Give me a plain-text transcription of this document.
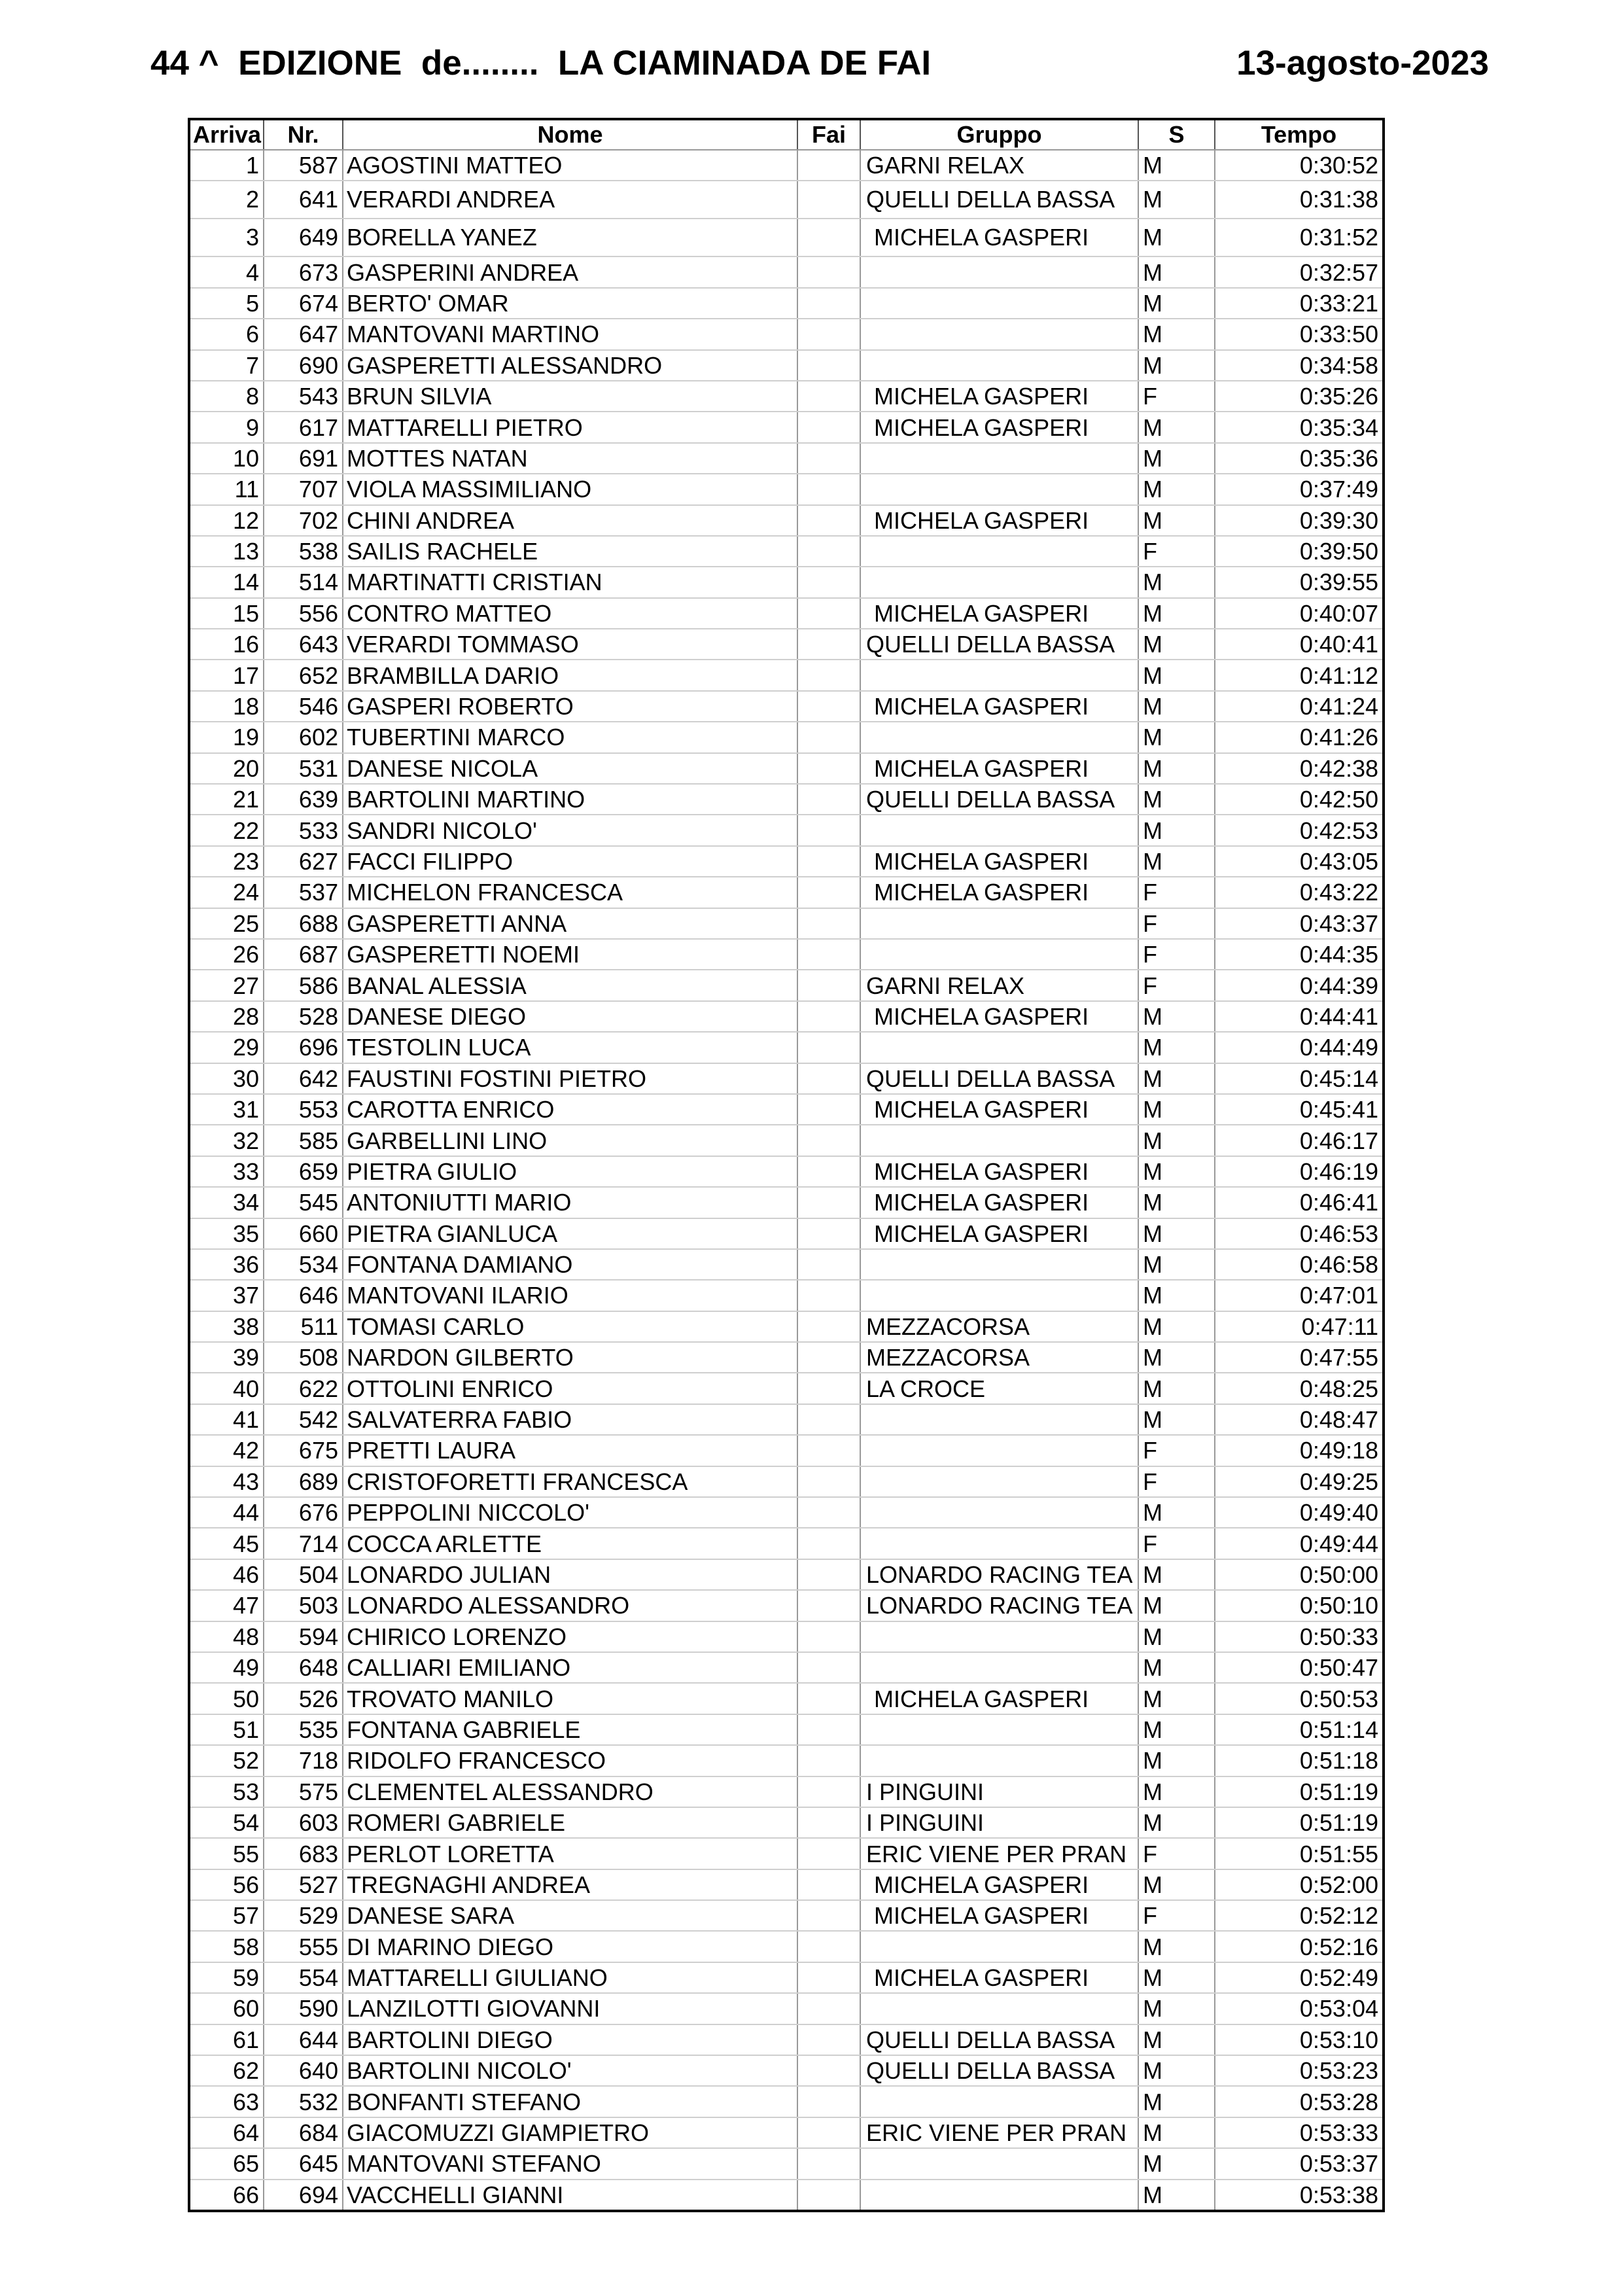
44 ^  EDIZIONE  de........  LA CIAMINADA DE FAI	13-agosto-2023
Arriva	Nr.	Nome	Fai	Gruppo	S	Tempo
1	587	AGOSTINI MATTEO		GARNI RELAX	M	0:30:52
2	641	VERARDI ANDREA		QUELLI DELLA BASSA	M	0:31:38
3	649	BORELLA YANEZ		MICHELA GASPERI	M	0:31:52
4	673	GASPERINI ANDREA			M	0:32:57
5	674	BERTO' OMAR			M	0:33:21
6	647	MANTOVANI MARTINO			M	0:33:50
7	690	GASPERETTI ALESSANDRO			M	0:34:58
8	543	BRUN SILVIA		MICHELA GASPERI	F	0:35:26
9	617	MATTARELLI PIETRO		MICHELA GASPERI	M	0:35:34
10	691	MOTTES NATAN			M	0:35:36
11	707	VIOLA MASSIMILIANO			M	0:37:49
12	702	CHINI ANDREA		MICHELA GASPERI	M	0:39:30
13	538	SAILIS RACHELE			F	0:39:50
14	514	MARTINATTI CRISTIAN			M	0:39:55
15	556	CONTRO MATTEO		MICHELA GASPERI	M	0:40:07
16	643	VERARDI TOMMASO		QUELLI DELLA BASSA	M	0:40:41
17	652	BRAMBILLA DARIO			M	0:41:12
18	546	GASPERI ROBERTO		MICHELA GASPERI	M	0:41:24
19	602	TUBERTINI MARCO			M	0:41:26
20	531	DANESE NICOLA		MICHELA GASPERI	M	0:42:38
21	639	BARTOLINI MARTINO		QUELLI DELLA BASSA	M	0:42:50
22	533	SANDRI NICOLO'			M	0:42:53
23	627	FACCI FILIPPO		MICHELA GASPERI	M	0:43:05
24	537	MICHELON FRANCESCA		MICHELA GASPERI	F	0:43:22
25	688	GASPERETTI ANNA			F	0:43:37
26	687	GASPERETTI NOEMI			F	0:44:35
27	586	BANAL ALESSIA		GARNI RELAX	F	0:44:39
28	528	DANESE DIEGO		MICHELA GASPERI	M	0:44:41
29	696	TESTOLIN LUCA			M	0:44:49
30	642	FAUSTINI FOSTINI PIETRO		QUELLI DELLA BASSA	M	0:45:14
31	553	CAROTTA ENRICO		MICHELA GASPERI	M	0:45:41
32	585	GARBELLINI LINO			M	0:46:17
33	659	PIETRA GIULIO		MICHELA GASPERI	M	0:46:19
34	545	ANTONIUTTI MARIO		MICHELA GASPERI	M	0:46:41
35	660	PIETRA GIANLUCA		MICHELA GASPERI	M	0:46:53
36	534	FONTANA DAMIANO			M	0:46:58
37	646	MANTOVANI ILARIO			M	0:47:01
38	511	TOMASI CARLO		MEZZACORSA	M	0:47:11
39	508	NARDON GILBERTO		MEZZACORSA	M	0:47:55
40	622	OTTOLINI ENRICO		LA CROCE	M	0:48:25
41	542	SALVATERRA FABIO			M	0:48:47
42	675	PRETTI LAURA			F	0:49:18
43	689	CRISTOFORETTI FRANCESCA			F	0:49:25
44	676	PEPPOLINI NICCOLO'			M	0:49:40
45	714	COCCA ARLETTE			F	0:49:44
46	504	LONARDO JULIAN		LONARDO RACING TEA	M	0:50:00
47	503	LONARDO ALESSANDRO		LONARDO RACING TEA	M	0:50:10
48	594	CHIRICO LORENZO			M	0:50:33
49	648	CALLIARI EMILIANO			M	0:50:47
50	526	TROVATO MANILO		MICHELA GASPERI	M	0:50:53
51	535	FONTANA GABRIELE			M	0:51:14
52	718	RIDOLFO FRANCESCO			M	0:51:18
53	575	CLEMENTEL ALESSANDRO		I PINGUINI	M	0:51:19
54	603	ROMERI GABRIELE		I PINGUINI	M	0:51:19
55	683	PERLOT LORETTA		ERIC VIENE PER PRAN	F	0:51:55
56	527	TREGNAGHI ANDREA		MICHELA GASPERI	M	0:52:00
57	529	DANESE SARA		MICHELA GASPERI	F	0:52:12
58	555	DI MARINO DIEGO			M	0:52:16
59	554	MATTARELLI GIULIANO		MICHELA GASPERI	M	0:52:49
60	590	LANZILOTTI GIOVANNI			M	0:53:04
61	644	BARTOLINI DIEGO		QUELLI DELLA BASSA	M	0:53:10
62	640	BARTOLINI NICOLO'		QUELLI DELLA BASSA	M	0:53:23
63	532	BONFANTI STEFANO			M	0:53:28
64	684	GIACOMUZZI GIAMPIETRO		ERIC VIENE PER PRAN	M	0:53:33
65	645	MANTOVANI STEFANO			M	0:53:37
66	694	VACCHELLI GIANNI			M	0:53:38
